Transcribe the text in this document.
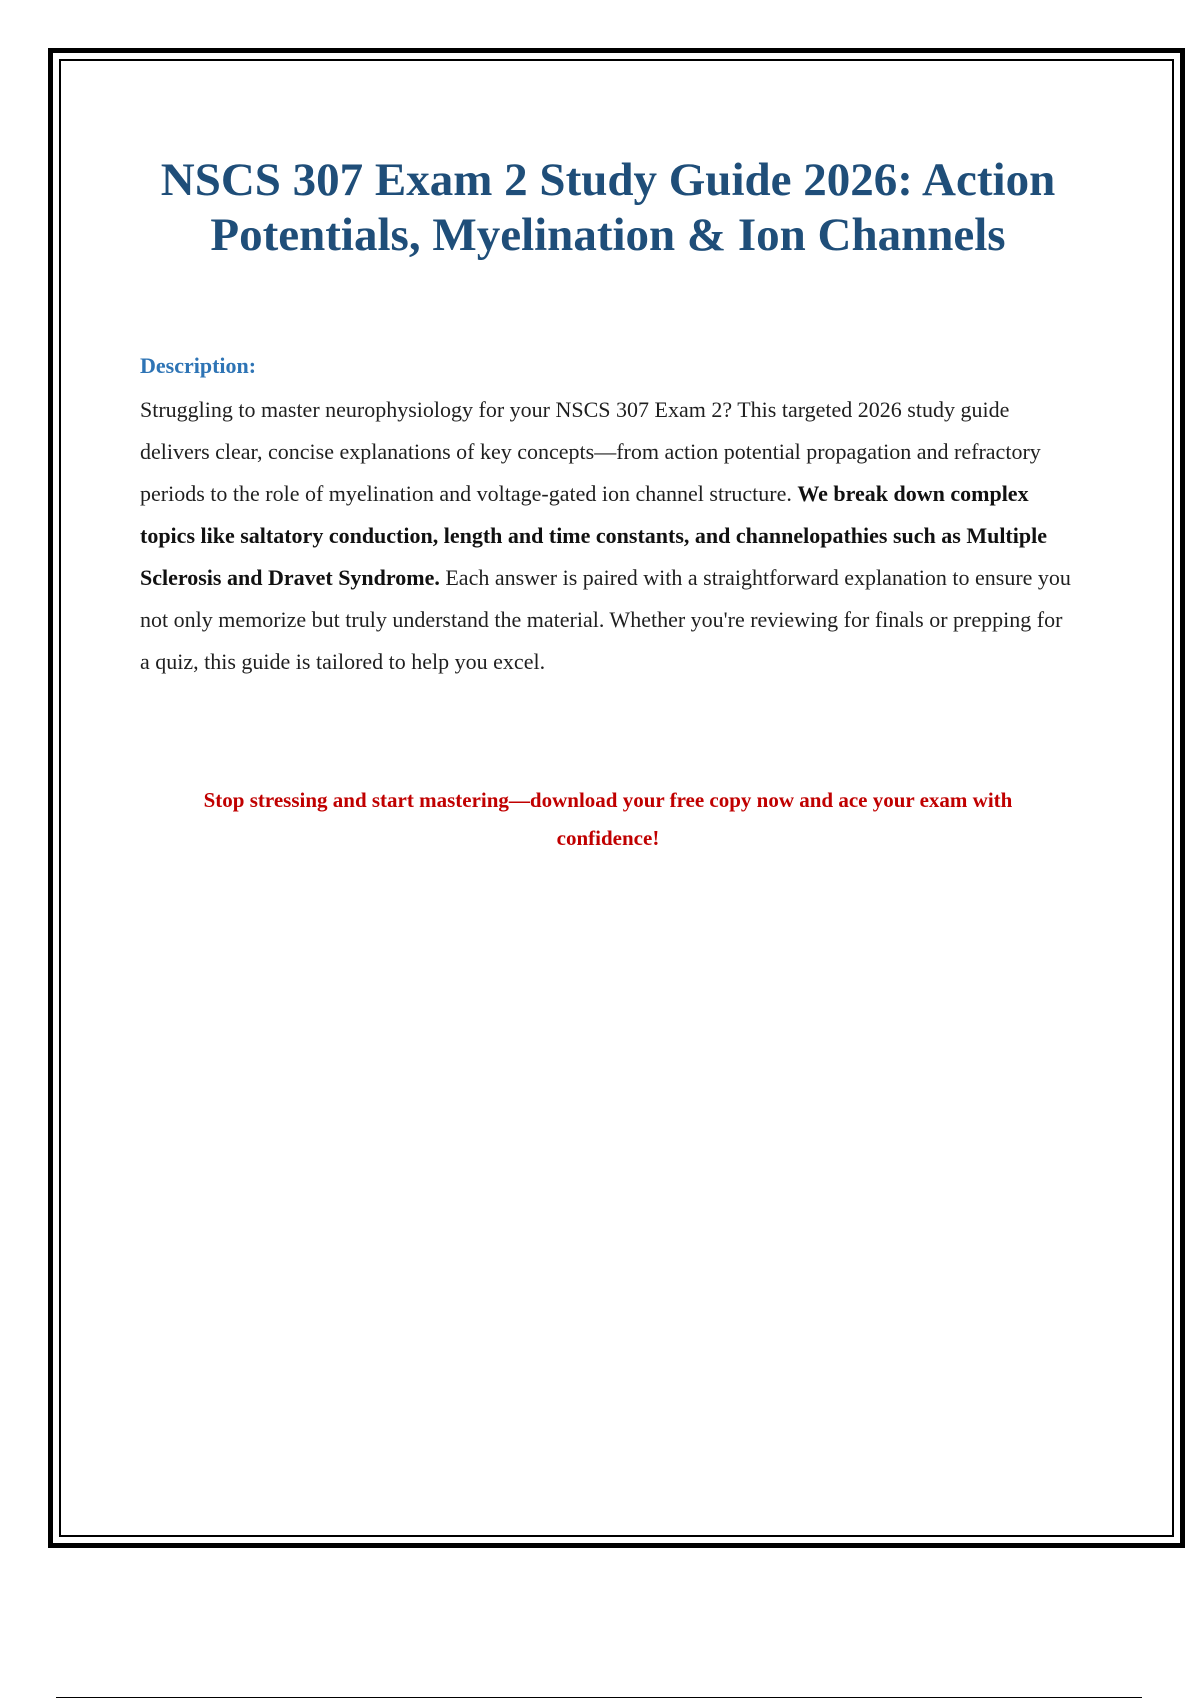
NSCS 307 Exam 2 Study Guide 2026: Action Potentials, Myelination & Ion Channels
Description:

Struggling to master neurophysiology for your NSCS 307 Exam 2? This targeted 2026 study guide delivers clear, concise explanations of key concepts—from action potential propagation and refractory periods to the role of myelination and voltage-gated ion channel structure. We break down complex topics like saltatory conduction, length and time constants, and channelopathies such as Multiple Sclerosis and Dravet Syndrome. Each answer is paired with a straightforward explanation to ensure you not only memorize but truly understand the material. Whether you're reviewing for finals or prepping for a quiz, this guide is tailored to help you excel.

Stop stressing and start mastering—download your free copy now and ace your exam with confidence!
